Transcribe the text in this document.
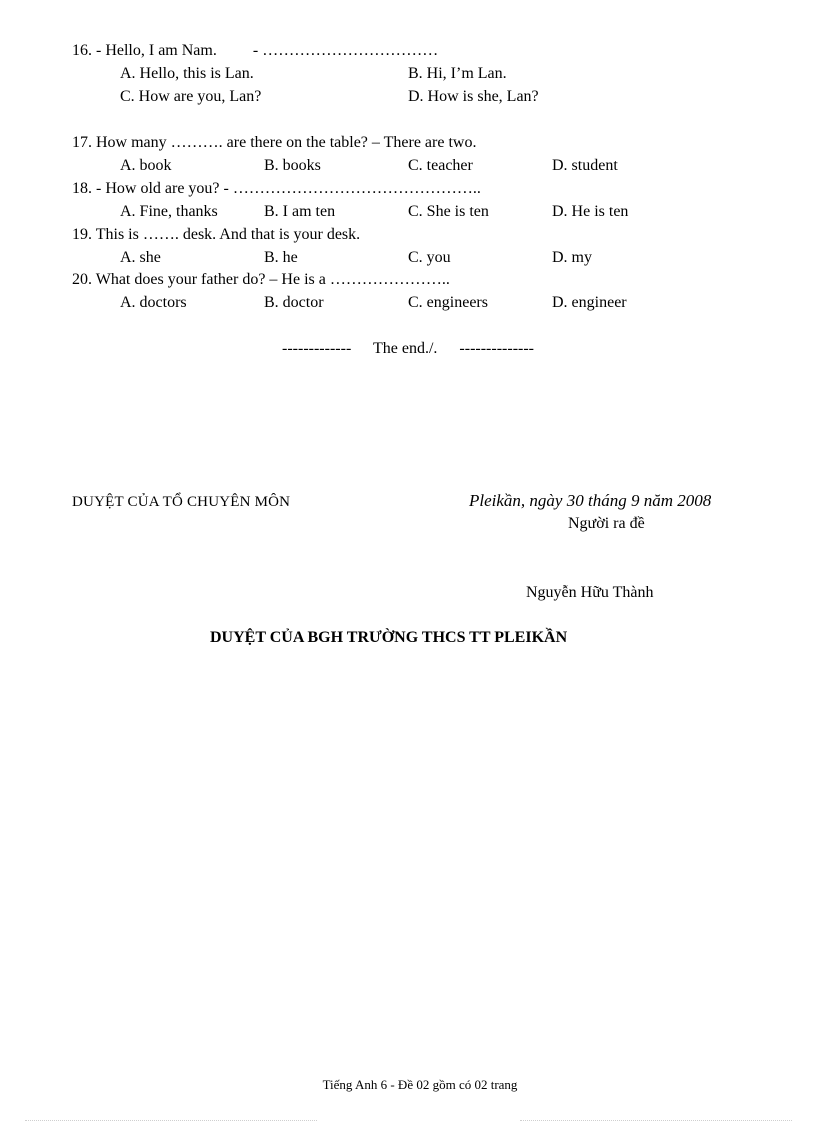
16. - Hello, I am Nam. - ……………………………
A. Hello, this is Lan.	B. Hi, I’m Lan.
C. How are you, Lan?	D. How is she, Lan?
17. How many ………. are there on the table? – There are two.
A. book	B. books	C. teacher	D. student
18. - How old are you? - ………………………………………..
A. Fine, thanks	B. I am ten	C. She is ten	D. He is ten
19. This is ……. desk. And that is your desk.
A. she	B. he	C. you	D. my
20. What does your father do? – He is a …………………..
A. doctors	B. doctor	C. engineers	D. engineer
------------- The end./. --------------
DUYỆT CỦA TỔ CHUYÊN MÔN	Pleikần, ngày 30 tháng 9 năm 2008
Người ra đề
Nguyễn Hữu Thành
DUYỆT CỦA BGH TRƯỜNG THCS TT PLEIKẦN
Tiếng Anh 6 - Đề 02 gồm có 02 trang
